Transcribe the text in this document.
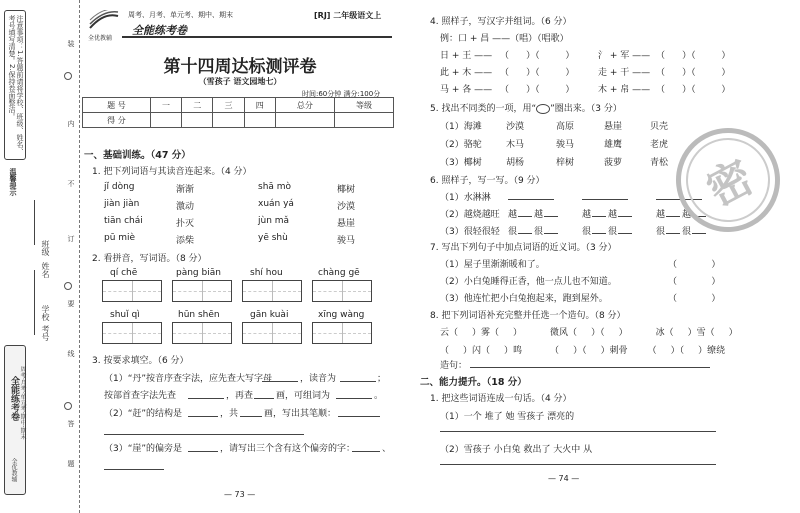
注意事项：1.答题前请将学校、班级、姓名、考号填写清楚。2.保持卷面整洁。
温馨提示
班级
姓名
学校
考号
全能练考卷 周考·月考·单元考·期中·期末
全优教辅
装
订
线
内
不
要
答
题
全优教辅
周考、月考、单元考、期中、期末
全能练考卷
[RJ] 二年级语文上
第十四周达标测评卷
（雪孩子 语文园地七）
时间:60分钟 满分:100分
题 号	一	二	三	四	总分	等级
得 分						
一、基础训练。（47 分）
1. 把下列词语与其读音连起来。（4 分）
jǐ dòng
jiàn jiàn
tiān chái
pū miè
渐渐
激动
扑灭
添柴
shā mò
xuán yá
jùn mǎ
yē shù
椰树
沙漠
悬崖
骏马
2. 看拼音，写词语。（8 分）
qí chē	pàng biān	shí hou	chàng gē
shuǐ qì	hūn shēn	gān kuài	xīng wàng
3. 按要求填空。（6 分）
（1）“丹”按音序查字法，应先查大写字母	，读音为	；
按部首查字法先查	，再查	画，可组词为	。
（2）“赶”的结构是	，共	画，写出其笔顺：
（3）“崖”的偏旁是	，请写出三个含有这个偏旁的字：	、
— 73 —
4. 照样子，写汉字并组词。（6 分）
例：口 + 昌 ——（唱）（唱歌）
日 + 王 —— （      ）（         ）	氵 + 军 —— （      ）（         ）
此 + 木 —— （      ）（         ）	走 + 干 —— （      ）（         ）
马 + 各 —— （      ）（         ）	木 + 帛 —— （      ）（         ）
5. 找出不同类的一项，用“ ”圈出来。（3 分）
（1）海滩	沙漠	高原	悬崖	贝壳
（2）骆驼	木马	骏马	雄鹰	老虎
（3）椰树	胡杨	梓树	菠萝	青松
6. 照样子，写一写。（9 分）
（1）水淋淋
（2）越烧越旺 越 越	越 越	越 越
（3）很轻很轻 很 很	很 很	很 很
7. 写出下列句子中加点词语的近义词。（3 分）
（1）屋子里渐渐暖和了。	（            ）
（2）小白兔睡得正香，他一点儿也不知道。	（            ）
（3）他连忙把小白兔抱起来，跑到屋外。	（            ）
8. 把下列词语补充完整并任选一个造句。（8 分）
云（ ）雾（ ）	微风（ ）（ ）	冰（ ）雪（ ）
（ ）闪（ ）鸣	（ ）（ ）刺骨 （ ）（ ）缭绕
造句：
二、能力提升。（18 分）
1. 把这些词语连成一句话。（4 分）
（1）一个 堆了 她 雪孩子 漂亮的
（2）雪孩子 小白兔 救出了 大火中 从
— 74 —
密
